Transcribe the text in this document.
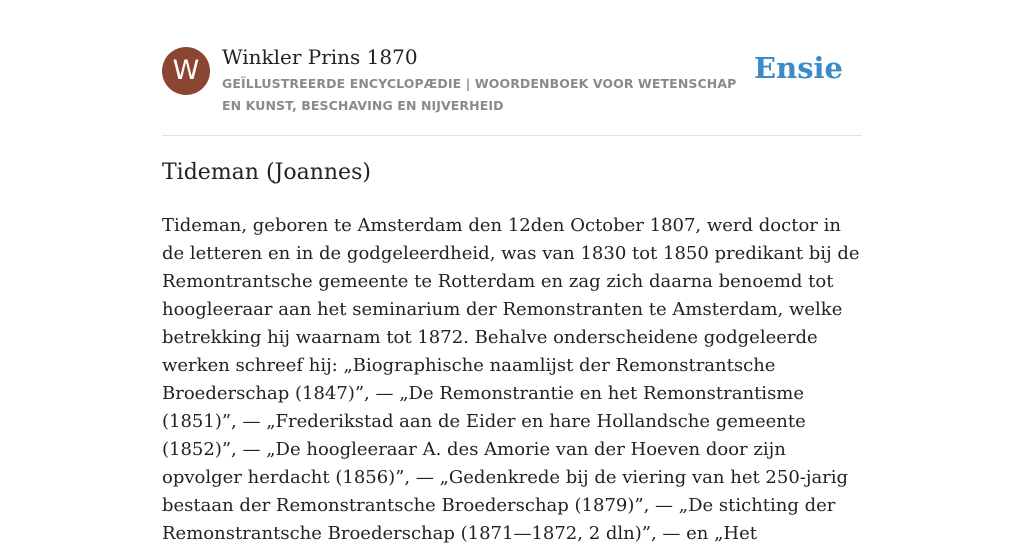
W	Winkler Prins 1870
GEÏLLUSTREERDE ENCYCLOPÆDIE | WOORDENBOEK VOOR WETENSCHAP EN KUNST, BESCHAVING EN NIJVERHEID
Ensie
Tideman (Joannes)

Tideman, geboren te Amsterdam den 12den October 1807, werd doctor in de letteren en in de godgeleerdheid, was van 1830 tot 1850 predikant bij de Remontrantsche gemeente te Rotterdam en zag zich daarna benoemd tot hoogleeraar aan het seminarium der Remonstranten te Amsterdam, welke betrekking hij waarnam tot 1872. Behalve onderscheidene godgeleerde werken schreef hij: „Biographische naamlijst der Remonstrantsche Broederschap (1847)”, — „De Remonstrantie en het Remonstrantisme (1851)”, — „Frederikstad aan de Eider en hare Hollandsche gemeente (1852)”, — „De hoogleeraar A. des Amorie van der Hoeven door zijn opvolger herdacht (1856)”, — „Gedenkrede bij de viering van het 250-jarig bestaan der Remonstrantsche Broederschap (1879)”, — „De stichting der Remonstrantsche Broederschap (1871—1872, 2 dln)”, — en „Het
